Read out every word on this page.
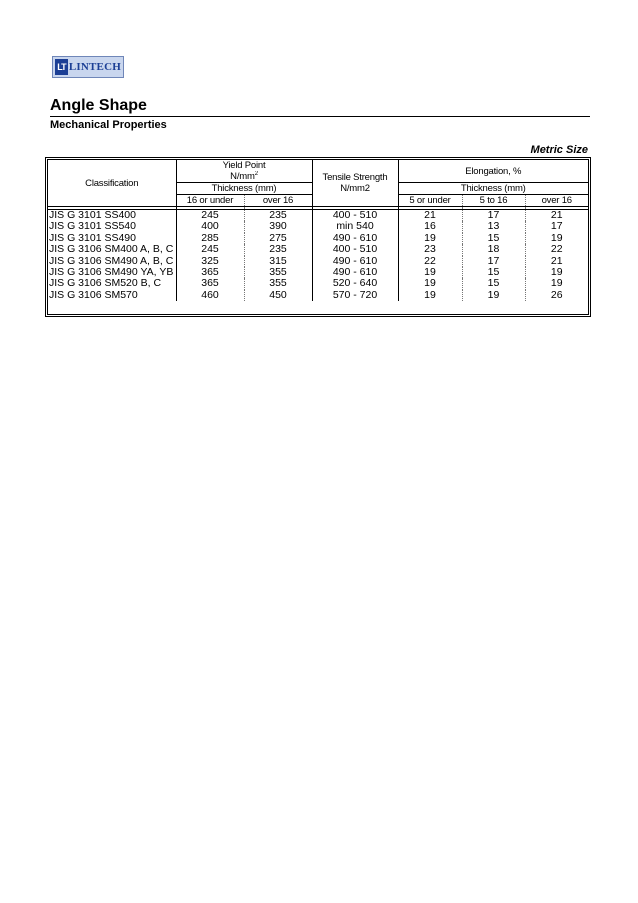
LT LINTECH
Angle Shape
Mechanical Properties
Metric Size
Classification	Yield Point		Tensile Strength	Elongation, %		
	$N/mm^2$
	Thickness (mm)		N/mm2	Thickness (mm)		
	16 or under	over 16		5 or under	5 to 16	over 16

JIS G 3101 SS400	245	235	400 - 510	21	17	21
JIS G 3101 SS540	400	390	min 540	16	13	17
JIS G 3101 SS490	285	275	490 - 610	19	15	19
JIS G 3106 SM400 A, B, C	245	235	400 - 510	23	18	22
JIS G 3106 SM490 A, B, C	325	315	490 - 610	22	17	21
JIS G 3106 SM490 YA, YB	365	355	490 - 610	19	15	19
JIS G 3106 SM520 B, C	365	355	520 - 640	19	15	19
JIS G 3106 SM570	460	450	570 - 720	19	19	26
